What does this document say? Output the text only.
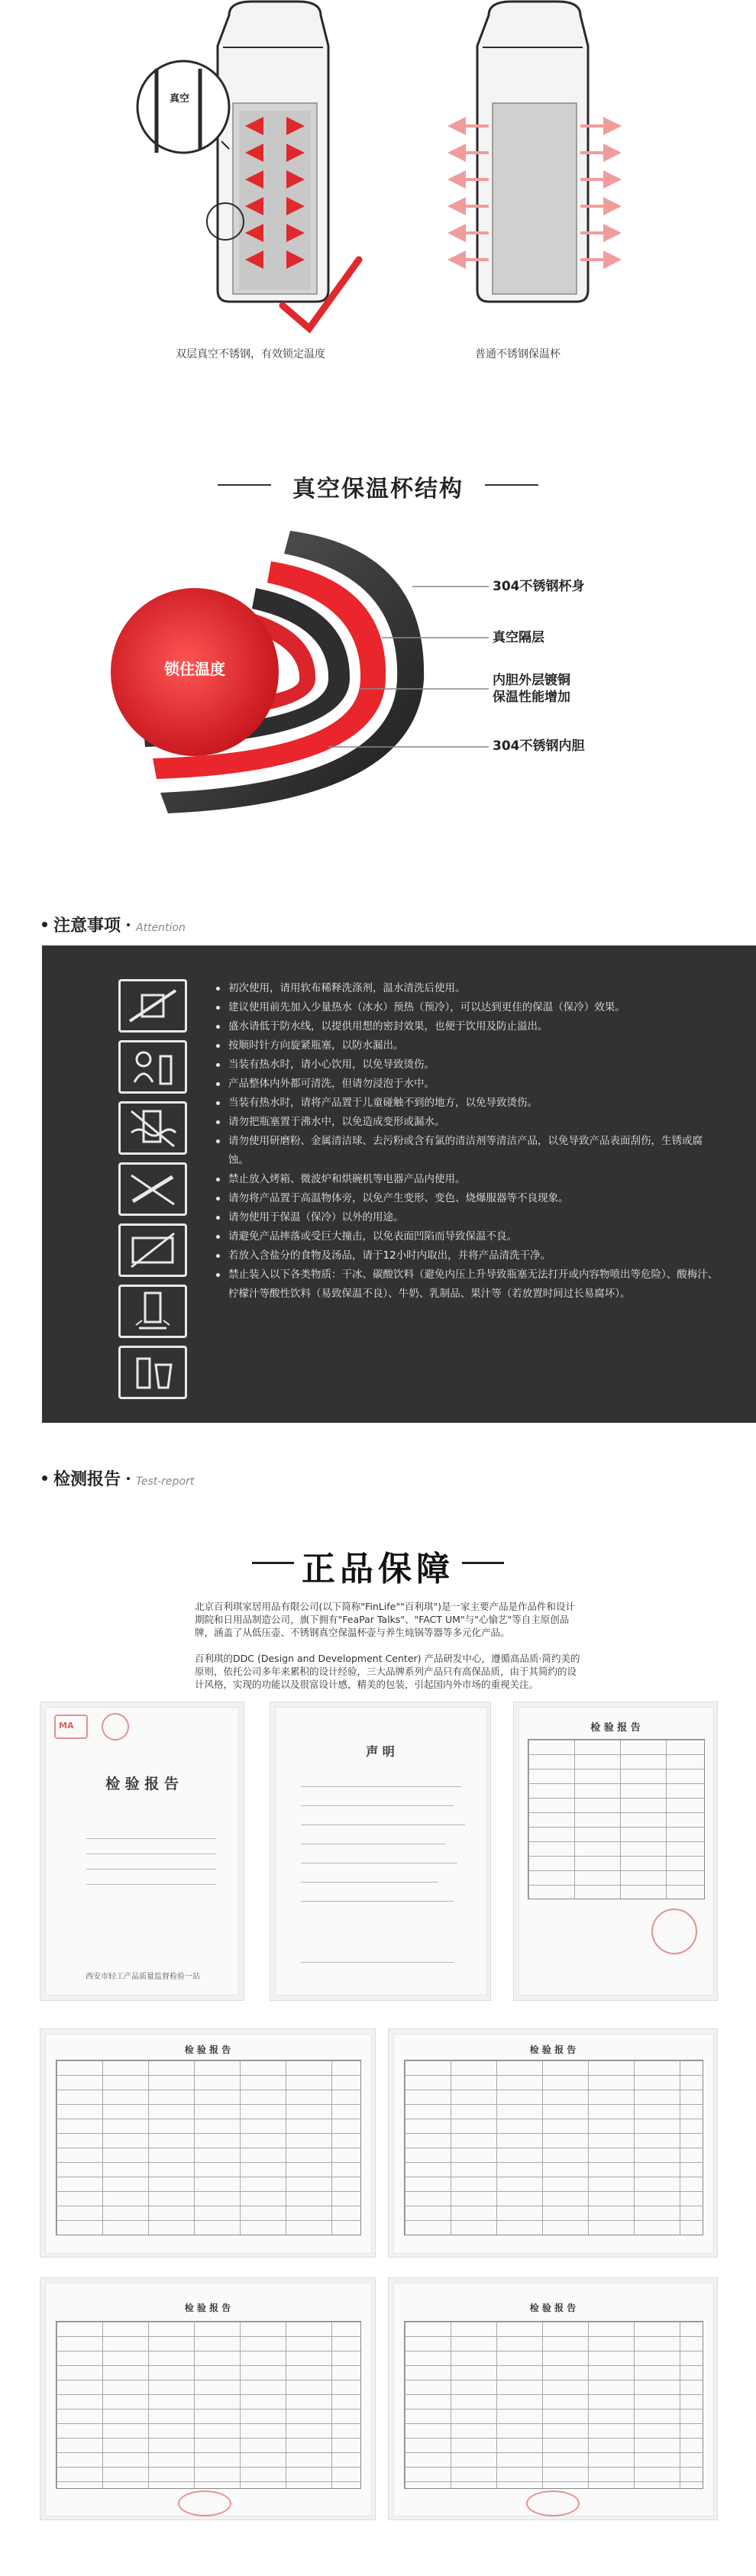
真空
双层真空不锈钢，有效锁定温度	普通不锈钢保温杯
真空保温杯结构
锁住温度
304不锈钢杯身
真空隔层
内胆外层镀铜
保温性能增加
304不锈钢内胆
注意事项 Attention
初次使用，请用软布稀释洗涤剂，温水清洗后使用。
建议使用前先加入少量热水（冰水）预热（预冷），可以达到更佳的保温（保冷）效果。
盛水请低于防水线，以提供用想的密封效果，也便于饮用及防止溢出。
按顺时针方向旋紧瓶塞，以防水漏出。
当装有热水时，请小心饮用，以免导致烫伤。
产品整体内外都可清洗，但请勿浸泡于水中。
当装有热水时，请将产品置于儿童碰触不到的地方，以免导致烫伤。
请勿把瓶塞置于沸水中，以免造成变形或漏水。
请勿使用研磨粉、金属清洁球、去污粉或含有氯的清洁剂等清洁产品，以免导致产品表面刮伤，生锈或腐蚀。
禁止放入烤箱、微波炉和烘碗机等电器产品内使用。
请勿将产品置于高温物体旁，以免产生变形、变色、烧爆服器等不良现象。
请勿使用于保温（保冷）以外的用途。
请避免产品摔落或受巨大撞击，以免表面凹陷而导致保温不良。
若放入含盐分的食物及汤品，请于12小时内取出，并将产品清洗干净。
禁止装入以下各类物质：干冰、碳酸饮料（避免内压上升导致瓶塞无法打开或内容物喷出等危险）、酸梅汁、柠檬汁等酸性饮料（易致保温不良）、牛奶、乳制品、果汁等（若放置时间过长易腐坏）。
检测报告 Test-report
正品保障
北京百利琪家居用品有限公司(以下简称"FinLife""百利琪")是一家主要产品是作品件和设计期院和日用品制造公司，旗下拥有"FeaPar Talks"、"FACT UM"与"心愉艺"等自主原创品牌，涵盖了从低压壶、不锈钢真空保温杯壶与养生炖锅等器等多元化产品。
百利琪的DDC (Design and Development Center) 产品研发中心，遵循高品质·简约美的原则，依托公司多年来累积的设计经验，三大品牌系列产品只有高保品质，由于其简约的设计风格，实现的功能以及很富设计感，精美的包装，引起国内外市场的重视关注。
MA
检 验 报 告
西安市轻工产品质量监督检验一站
声 明
检 验 报 告
检 验 报 告	检 验 报 告
检 验 报 告	检 验 报 告
